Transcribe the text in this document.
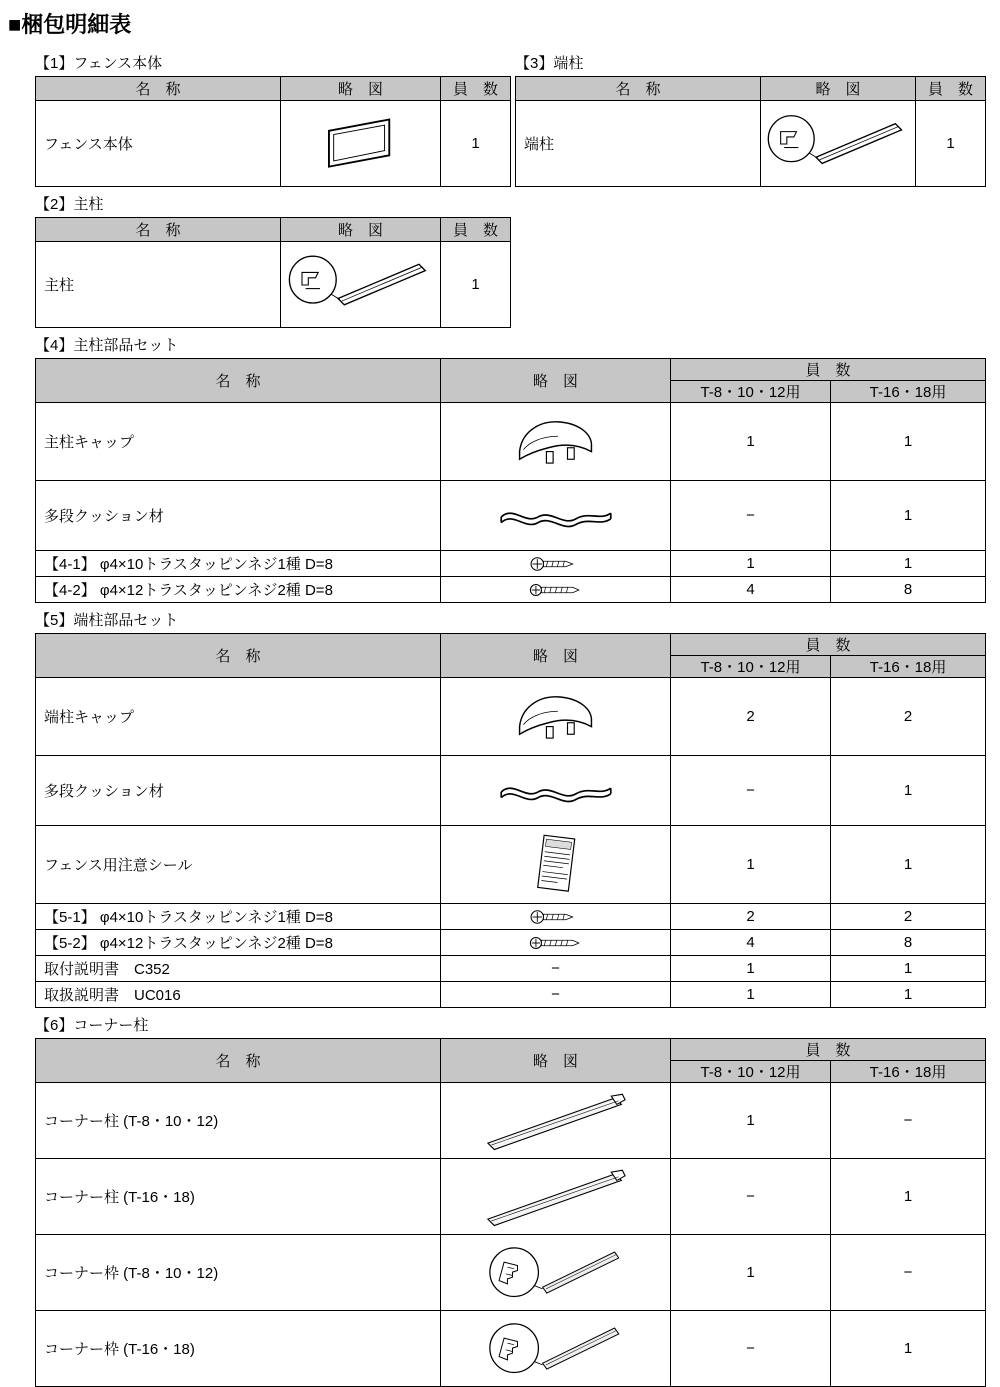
■梱包明細表
【1】フェンス本体
名　称	略　図	員　数
フェンス本体		1
【2】主柱
名　称	略　図	員　数
主柱		1
【3】端柱
名　称	略　図	員　数
端柱		1
【4】主柱部品セット
名　称	略　図	員　数	
		T-8・10・12用	T-16・18用
主柱キャップ		1	1
多段クッション材		−	1
【4-1】 φ4×10トラスタッピンネジ1種 D=8		1	1
【4-2】 φ4×12トラスタッピンネジ2種 D=8		4	8
【5】端柱部品セット
名　称	略　図	員　数	
		T-8・10・12用	T-16・18用
端柱キャップ		2	2
多段クッション材		−	1
フェンス用注意シール		1	1
【5-1】 φ4×10トラスタッピンネジ1種 D=8		2	2
【5-2】 φ4×12トラスタッピンネジ2種 D=8		4	8
取付説明書　C352	−	1	1
取扱説明書　UC016	−	1	1
【6】コーナー柱
名　称	略　図	員　数	
		T-8・10・12用	T-16・18用
コーナー柱 (T-8・10・12)		1	−
コーナー柱 (T-16・18)		−	1
コーナー枠 (T-8・10・12)		1	−
コーナー枠 (T-16・18)		−	1
